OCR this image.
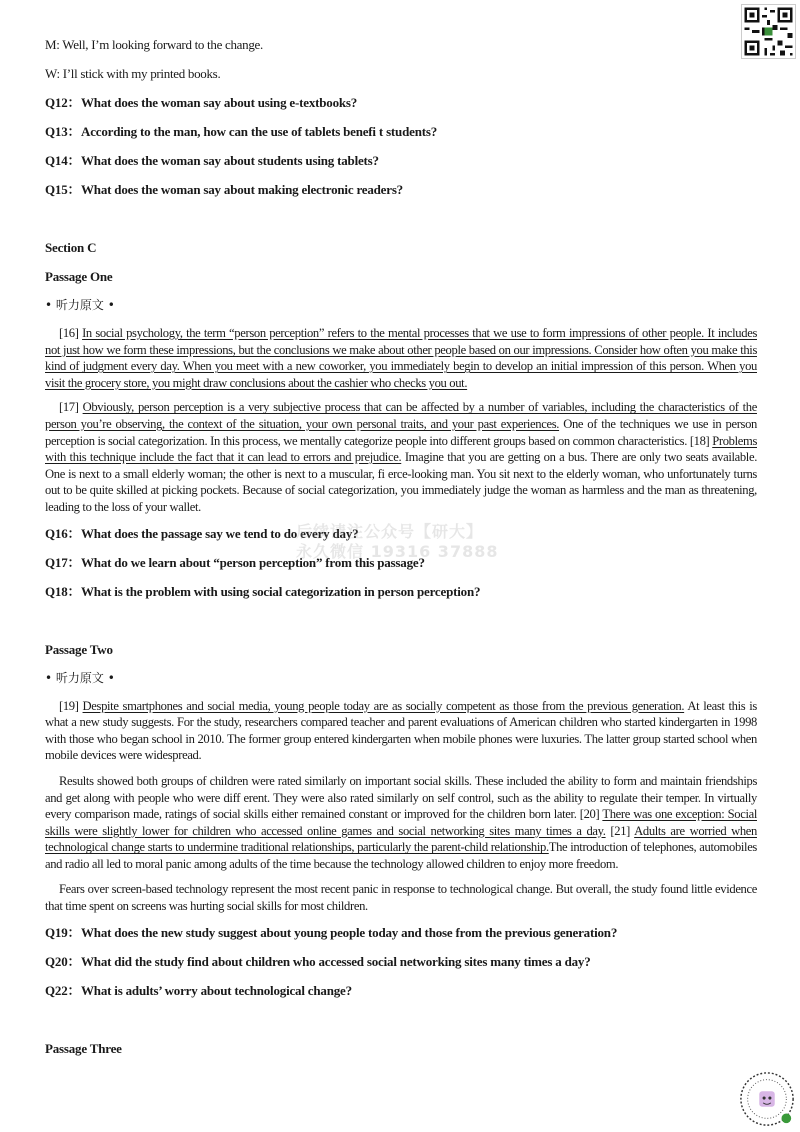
M: Well, I’m looking forward to the change.

W: I’ll stick with my printed books.

Q12：What does the woman say about using e-textbooks?

Q13：According to the man, how can the use of tablets benefi t students?

Q14：What does the woman say about students using tablets?

Q15：What does the woman say about making electronic readers?

Section C

Passage One

• 听力原文 •

[16] In social psychology, the term “person perception” refers to the mental processes that we use to form impressions of other people. It includes not just how we form these impressions, but the conclusions we make about other people based on our impressions. Consider how often you make this kind of judgment every day. When you meet with a new coworker, you immediately begin to develop an initial impression of this person. When you visit the grocery store, you might draw conclusions about the cashier who checks you out.

[17] Obviously, person perception is a very subjective process that can be affected by a number of variables, including the characteristics of the person you’re observing, the context of the situation, your own personal traits, and your past experiences. One of the techniques we use in person perception is social categorization. In this process, we mentally categorize people into different groups based on common characteristics. [18] Problems with this technique include the fact that it can lead to errors and prejudice. Imagine that you are getting on a bus. There are only two seats available. One is next to a small elderly woman; the other is next to a muscular, fi erce-looking man. You sit next to the elderly woman, who unfortunately turns out to be quite skilled at picking pockets. Because of social categorization, you immediately judge the woman as harmless and the man as threatening, leading to the loss of your wallet.

Q16：What does the passage say we tend to do every day?

Q17：What do we learn about “person perception” from this passage?

Q18：What is the problem with using social categorization in person perception?

Passage Two

• 听力原文 •

[19] Despite smartphones and social media, young people today are as socially competent as those from the previous generation. At least this is what a new study suggests. For the study, researchers compared teacher and parent evaluations of American children who started kindergarten in 1998 with those who began school in 2010. The former group entered kindergarten when mobile phones were luxuries. The latter group started school when mobile devices were widespread.

Results showed both groups of children were rated similarly on important social skills. These included the ability to form and maintain friendships and get along with people who were diff erent. They were also rated similarly on self control, such as the ability to regulate their temper. In virtually every comparison made, ratings of social skills either remained constant or improved for the children born later. [20] There was one exception: Social skills were slightly lower for children who accessed online games and social networking sites many times a day. [21] Adults are worried when technological change starts to undermine traditional relationships, particularly the parent-child relationship.The introduction of telephones, automobiles and radio all led to moral panic among adults of the time because the technology allowed children to enjoy more freedom.

Fears over screen-based technology represent the most recent panic in response to technological change. But overall, the study found little evidence that time spent on screens was hurting social skills for most children.

Q19：What does the new study suggest about young people today and those from the previous generation?

Q20：What did the study find about children who accessed social networking sites many times a day?

Q22：What is adults’ worry about technological change?

Passage Three

后续请注公众号【研大】
永久微信 19316 37888
